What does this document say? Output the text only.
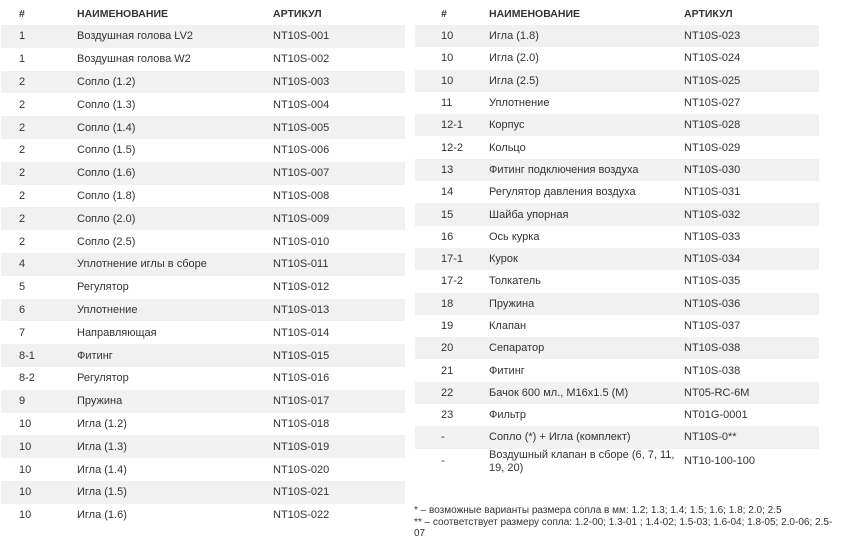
#	НАИМЕНОВАНИЕ	АРТИКУЛ
1	Воздушная голова LV2	NT10S-001
1	Воздушная голова W2	NT10S-002
2	Сопло (1.2)	NT10S-003
2	Сопло (1.3)	NT10S-004
2	Сопло (1.4)	NT10S-005
2	Сопло (1.5)	NT10S-006
2	Сопло (1.6)	NT10S-007
2	Сопло (1.8)	NT10S-008
2	Сопло (2.0)	NT10S-009
2	Сопло (2.5)	NT10S-010
4	Уплотнение иглы в сборе	NT10S-011
5	Регулятор	NT10S-012
6	Уплотнение	NT10S-013
7	Направляющая	NT10S-014
8-1	Фитинг	NT10S-015
8-2	Регулятор	NT10S-016
9	Пружина	NT10S-017
10	Игла (1.2)	NT10S-018
10	Игла (1.3)	NT10S-019
10	Игла (1.4)	NT10S-020
10	Игла (1.5)	NT10S-021
10	Игла (1.6)	NT10S-022
#	НАИМЕНОВАНИЕ	АРТИКУЛ
10	Игла (1.8)	NT10S-023
10	Игла (2.0)	NT10S-024
10	Игла (2.5)	NT10S-025
11	Уплотнение	NT10S-027
12-1	Корпус	NT10S-028
12-2	Кольцо	NT10S-029
13	Фитинг подключения воздуха	NT10S-030
14	Регулятор давления воздуха	NT10S-031
15	Шайба упорная	NT10S-032
16	Ось курка	NT10S-033
17-1	Курок	NT10S-034
17-2	Толкатель	NT10S-035
18	Пружина	NT10S-036
19	Клапан	NT10S-037
20	Сепаратор	NT10S-038
21	Фитинг	NT10S-038
22	Бачок 600 мл., M16x1.5 (M)	NT05-RC-6M
23	Фильтр	NT01G-0001
-	Сопло (*) + Игла (комплект)	NT10S-0**
-	Воздушный клапан в сборе (6, 7, 11, 19, 20)	NT10-100-100

* – возможные варианты размера сопла в мм: 1.2; 1.3; 1.4; 1.5; 1.6; 1.8; 2.0; 2.5

** – соответствует размеру сопла: 1.2-00; 1.3-01 ; 1.4-02; 1.5-03; 1.6-04; 1.8-05; 2.0-06; 2.5-07
